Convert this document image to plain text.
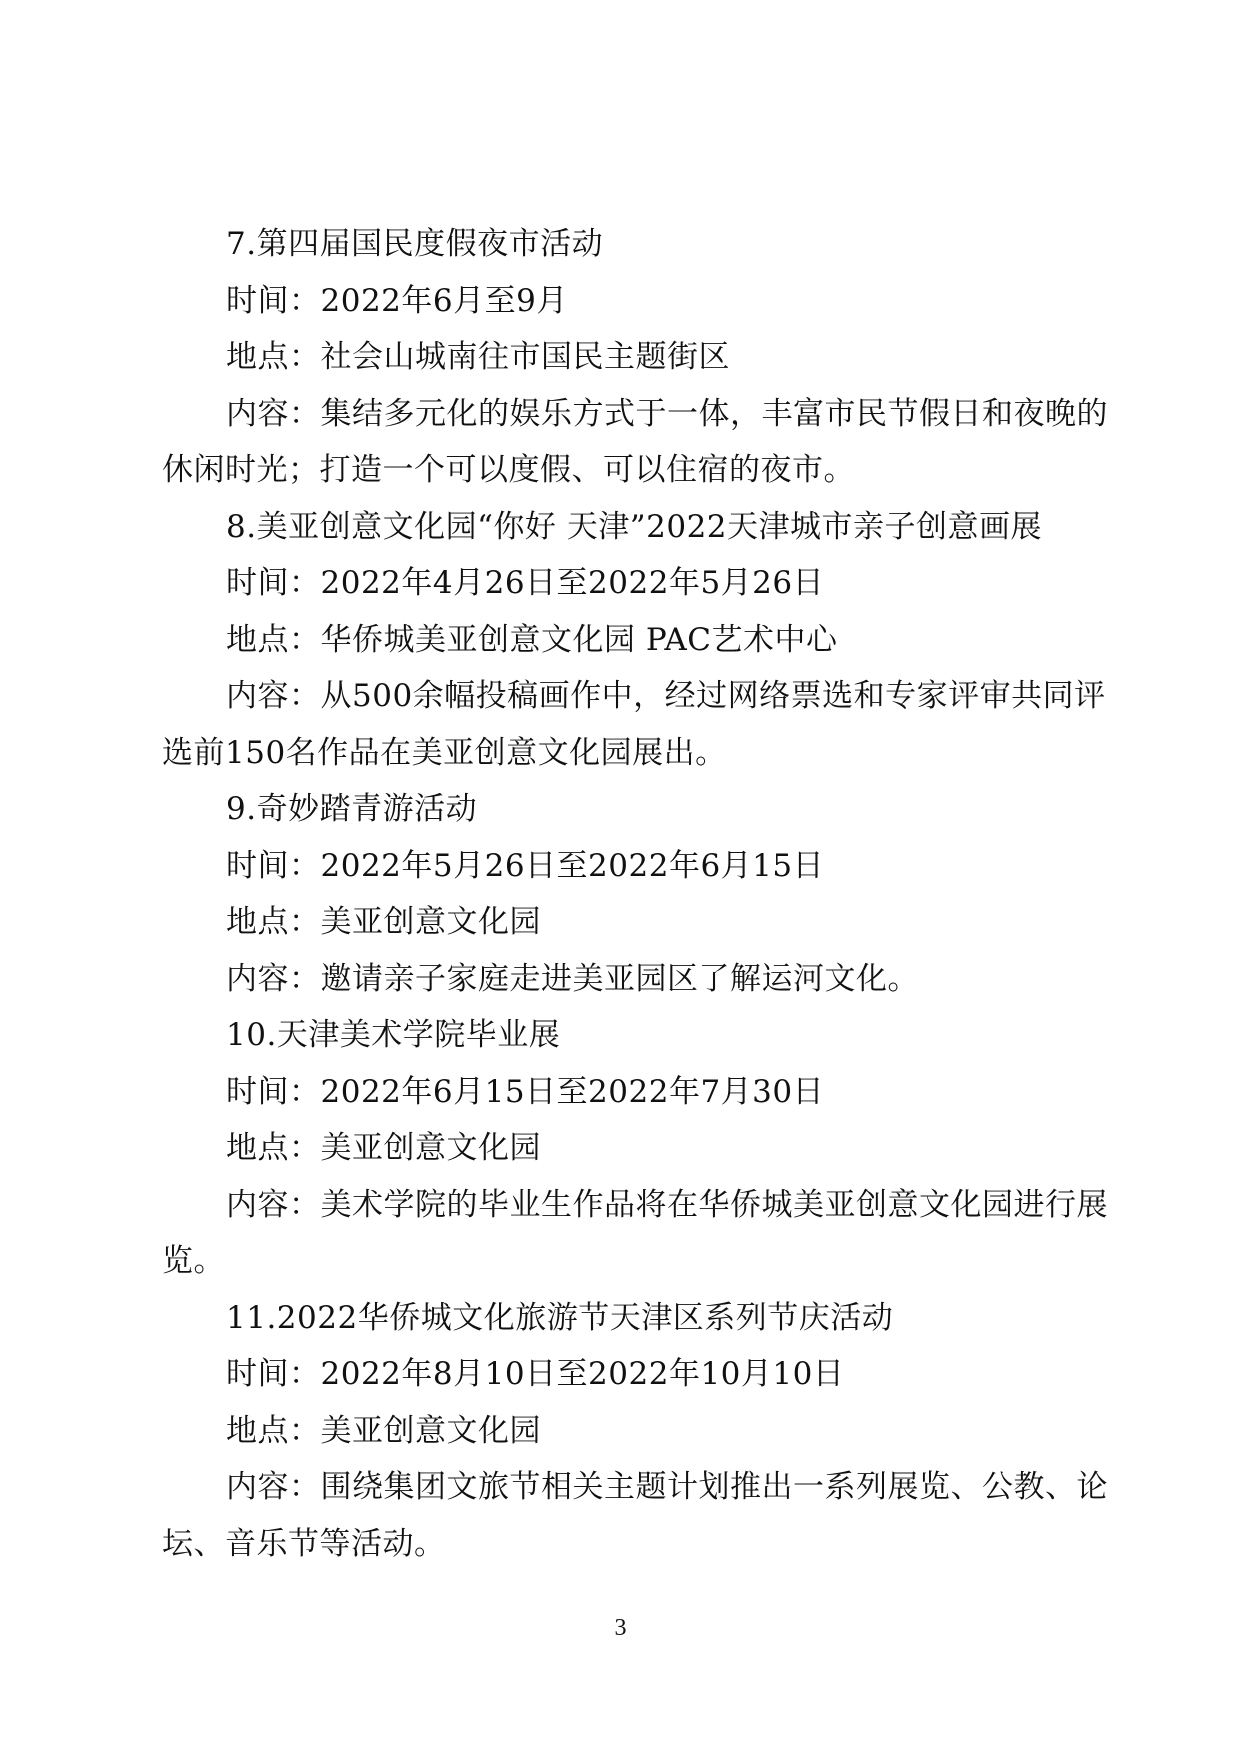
7.第四届国民度假夜市活动
时间：2022年6月至9月
地点：社会山城南往市国民主题街区
内容：集结多元化的娱乐方式于一体，丰富市民节假日和夜晚的
休闲时光；打造一个可以度假、可以住宿的夜市。
8.美亚创意文化园“你好 天津”2022天津城市亲子创意画展
时间：2022年4月26日至2022年5月26日
地点：华侨城美亚创意文化园 PAC艺术中心
内容：从500余幅投稿画作中，经过网络票选和专家评审共同评
选前150名作品在美亚创意文化园展出。
9.奇妙踏青游活动
时间：2022年5月26日至2022年6月15日
地点：美亚创意文化园
内容：邀请亲子家庭走进美亚园区了解运河文化。
10.天津美术学院毕业展
时间：2022年6月15日至2022年7月30日
地点：美亚创意文化园
内容：美术学院的毕业生作品将在华侨城美亚创意文化园进行展
览。
11.2022华侨城文化旅游节天津区系列节庆活动
时间：2022年8月10日至2022年10月10日
地点：美亚创意文化园
内容：围绕集团文旅节相关主题计划推出一系列展览、公教、论
坛、音乐节等活动。
3
